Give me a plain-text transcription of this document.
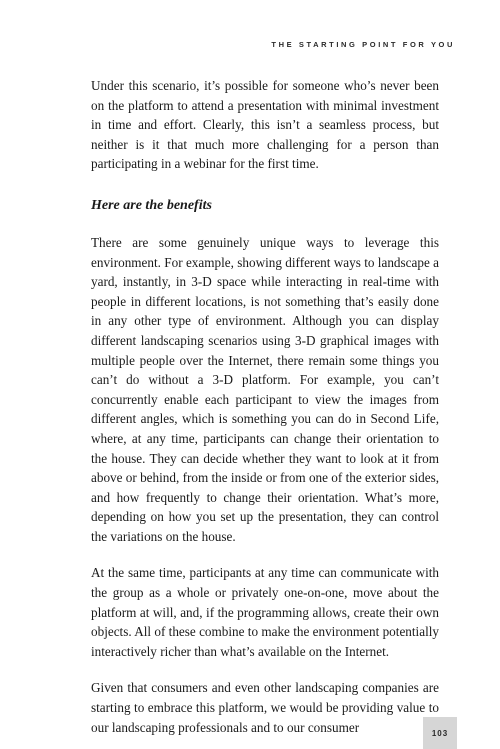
THE STARTING POINT FOR YOU

Under this scenario, it’s possible for someone who’s never been on the platform to attend a presentation with minimal investment in time and effort. Clearly, this isn’t a seamless process, but neither is it that much more challenging for a person than participating in a webinar for the first time.

Here are the benefits

There are some genuinely unique ways to leverage this environment. For example, showing different ways to landscape a yard, instantly, in 3-D space while interacting in real-time with people in different locations, is not something that’s easily done in any other type of environment. Although you can display different landscaping scenarios using 3-D graphical images with multiple people over the Internet, there remain some things you can’t do without a 3-D platform. For example, you can’t concurrently enable each participant to view the images from different angles, which is something you can do in Second Life, where, at any time, participants can change their orientation to the house. They can decide whether they want to look at it from above or behind, from the inside or from one of the exterior sides, and how frequently to change their orientation. What’s more, depending on how you set up the presentation, they can control the variations on the house.

At the same time, participants at any time can communicate with the group as a whole or privately one-on-one, move about the platform at will, and, if the programming allows, create their own objects. All of these combine to make the environment potentially interactively richer than what’s available on the Internet.

Given that consumers and even other landscaping companies are starting to embrace this platform, we would be providing value to our landscaping professionals and to our consumer	103
